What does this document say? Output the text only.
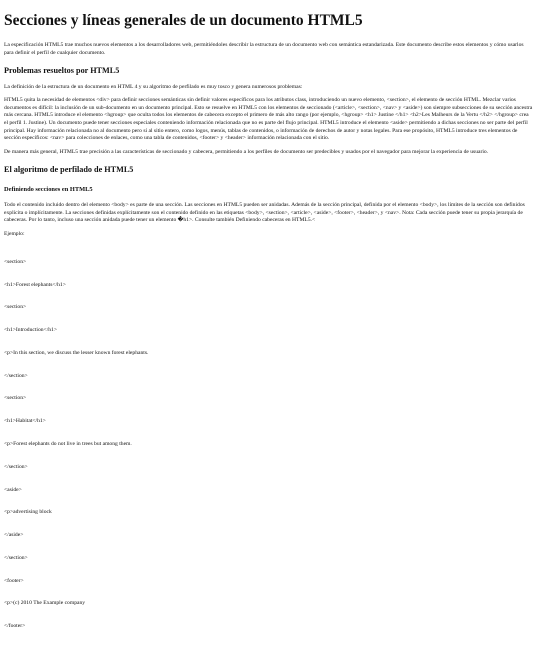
Secciones y líneas generales de un documento HTML5

La especificación HTML5 trae muchos nuevos elementos a los desarrolladores web, permitiéndoles describir la estructura de un documento web con semántica estandarizada. Este documento describe estos elementos y cómo usarlos para definir el perfil de cualquier documento.

Problemas resueltos por HTML5

La definición de la estructura de un documento en HTML 4 y su algoritmo de perfilado es muy tosco y genera numerosos problemas:

HTML5 quita la necesidad de elementos <div> para definir secciones semánticas sin definir valores específicos para los atributos class, introduciendo un nuevo elemento, <section>, el elemento de sección HTML. Mezclar varios documentos es difícil: la inclusión de un sub-documento en un documento principal. Esto se resuelve en HTML5 con los elementos de seccionado (<article>, <section>, <nav> y <aside>) son siempre subsecciones de su sección ancestra más cercana. HTML5 introduce el elemento <hgroup> que oculta todos los elementos de cabecera excepto el primero de más alto rango (por ejemplo, <hgroup> <h1> Justine </h1> <h2>Les Malheurs de la Vertu </h2> </hgroup> crea el perfil 1. Justine). Un documento puede tener secciones especiales conteniendo información relacionada que no es parte del flujo principal. HTML5 introduce el elemento <aside> permitiendo a dichas secciones no ser parte del perfil principal. Hay información relacionada no al documento pero sí al sitio entero, como logos, menús, tablas de contenidos, o información de derechos de autor y notas legales. Para ese propósito, HTML5 introduce tres elementos de sección específicos: <nav> para colecciones de enlaces, como una tabla de contenidos, <footer> y <header> información relacionada con el sitio.

De manera más general, HTML5 trae precisión a las características de seccionado y cabecera, permitiendo a los perfiles de documento ser predecibles y usados por el navegador para mejorar la experiencia de usuario.

El algoritmo de perfilado de HTML5
Definiendo secciones en HTML5

Todo el contenido incluido dentro del elemento <body> es parte de una sección. Las secciones en HTML5 pueden ser anidadas. Además de la sección principal, definida por el elemento <body>, los límites de la sección son definidos explícita o implícitamente. La secciones definidas explícitamente son el contenido definido en las etiquetas <body>, <section>, <article>, <aside>, <footer>, <header>, y <nav>. Nota: Cada sección puede tener su propia jerarquía de cabeceras. Por lo tanto, incluso una sección anidada puede tener un elemento �h1>. Consulte también Definiendo cabeceras en HTML5.<

Ejemplo:

<section>

<h1>Forest elephants</h1>

<section>

<h1>Introduction</h1>

<p>In this section, we discuss the lesser known forest elephants.

</section>

<section>

<h1>Habitat</h1>

<p>Forest elephants do not live in trees but among them.

</section>

<aside>

<p>advertising block

</aside>

</section>

<footer>

<p>(c) 2010 The Example company

</footer>
